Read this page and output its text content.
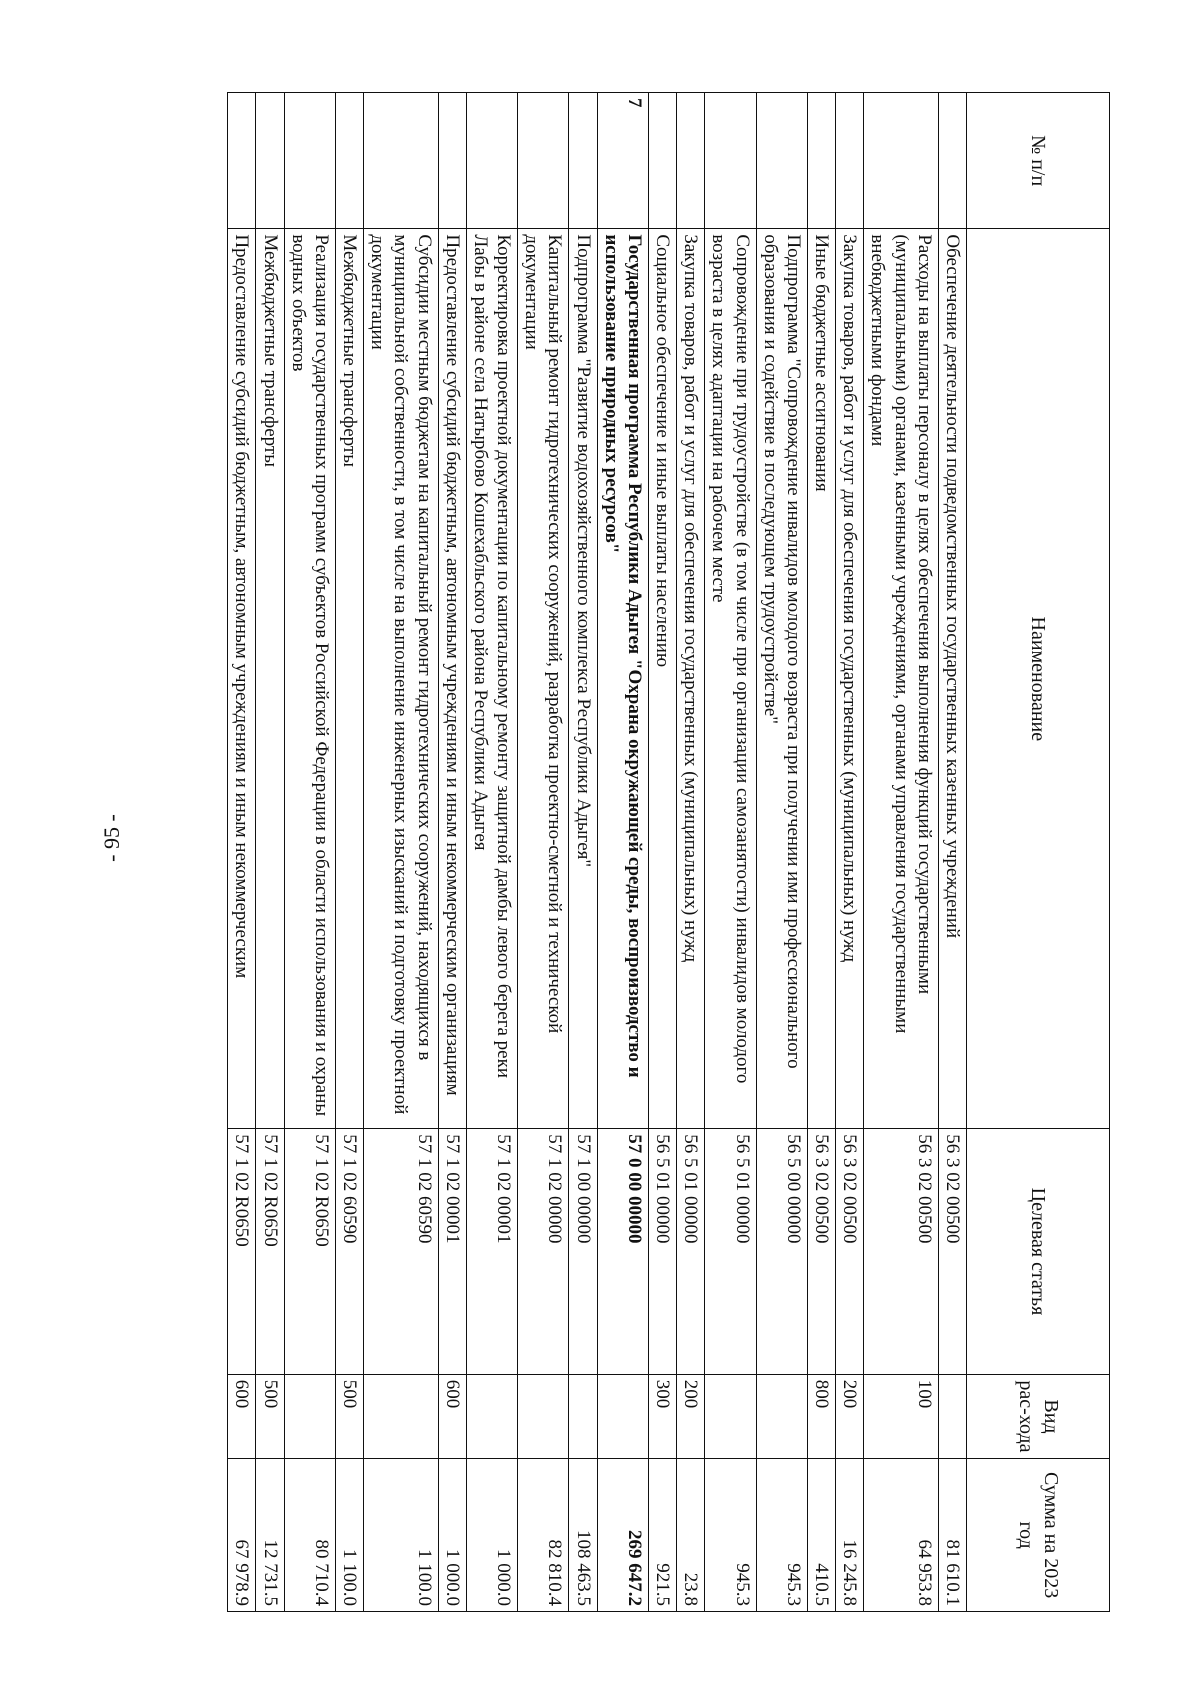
- 95 -
№ п/п	Наименование	Целевая статья	Вид рас-хода	Сумма на 2023 год
	Обеспечение деятельности подведомственных государственных казенных учреждений	56 3 02 00500		81 610.1
	Расходы на выплаты персоналу в целях обеспечения выполнения функций государственными (муниципальными) органами, казенными учреждениями, органами управления государственными внебюджетными фондами	56 3 02 00500	100	64 953.8
	Закупка товаров, работ и услуг для обеспечения государственных (муниципальных) нужд	56 3 02 00500	200	16 245.8
	Иные бюджетные ассигнования	56 3 02 00500	800	410.5
	Подпрограмма "Сопровождение инвалидов молодого возраста при получении ими профессионального образования и содействие в последующем трудоустройстве"	56 5 00 00000		945.3
	Сопровождение при трудоустройстве (в том числе при организации самозанятости) инвалидов молодого возраста в целях адаптации на рабочем месте	56 5 01 00000		945.3
	Закупка товаров, работ и услуг для обеспечения государственных (муниципальных) нужд	56 5 01 00000	200	23.8
	Социальное обеспечение и иные выплаты населению	56 5 01 00000	300	921.5
7	Государственная программа Республики Адыгея "Охрана окружающей среды, воспроизводство и использование природных ресурсов"	57 0 00 00000		269 647.2
	Подпрограмма "Развитие водохозяйственного комплекса Республики Адыгея"	57 1 00 00000		108 463.5
	Капитальный ремонт гидротехнических сооружений, разработка проектно-сметной и технической документации	57 1 02 00000		82 810.4
	Корректировка проектной документации по капитальному ремонту защитной дамбы левого берега реки Лабы в районе села Натырбово Кошехабльского района Республики Адыгея	57 1 02 00001		1 000.0
	Предоставление субсидий бюджетным, автономным учреждениям и иным некоммерческим организациям	57 1 02 00001	600	1 000.0
	Субсидии местным бюджетам на капитальный ремонт гидротехнических сооружений, находящихся в муниципальной собственности, в том числе на выполнение инженерных изысканий и подготовку проектной документации	57 1 02 60590		1 100.0
	Межбюджетные трансферты	57 1 02 60590	500	1 100.0
	Реализация государственных программ субъектов Российской Федерации в области использования и охраны водных объектов	57 1 02 R0650		80 710.4
	Межбюджетные трансферты	57 1 02 R0650	500	12 731.5
	Предоставление субсидий бюджетным, автономным учреждениям и иным некоммерческим	57 1 02 R0650	600	67 978.9
